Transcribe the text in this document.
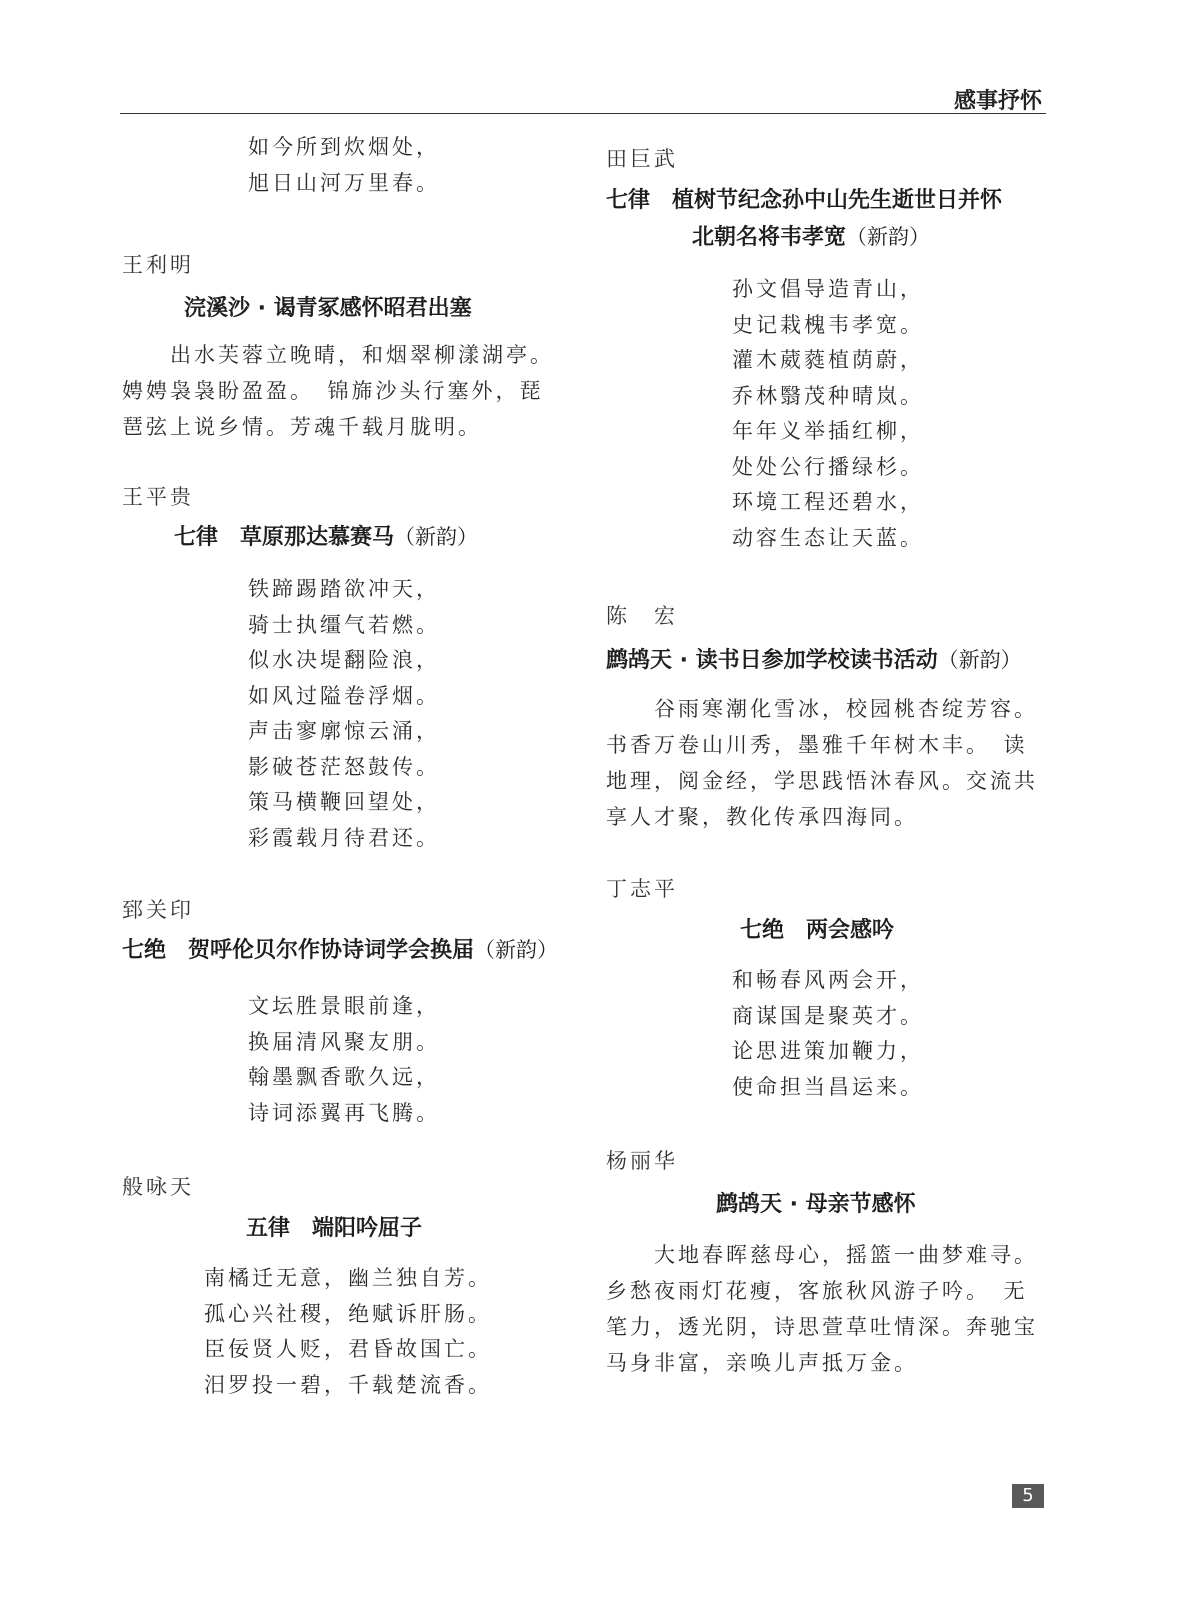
感事抒怀

如今所到炊烟处，

旭日山河万里春。

王利明

浣溪沙 · 谒青冢感怀昭君出塞

出水芙蓉立晚晴，和烟翠柳漾湖亭。

娉娉袅袅盼盈盈。　锦旆沙头行塞外，琵

琶弦上说乡情。芳魂千载月胧明。

王平贵

七律　草原那达慕赛马（新韵）

铁蹄踢踏欲冲天，

骑士执缰气若燃。

似水决堤翻险浪，

如风过隘卷浮烟。

声击寥廓惊云涌，

影破苍茫怒鼓传。

策马横鞭回望处，

彩霞载月待君还。

郅关印

七绝　贺呼伦贝尔作协诗词学会换届（新韵）

文坛胜景眼前逢，

换届清风聚友朋。

翰墨飘香歌久远，

诗词添翼再飞腾。

般咏天

五律　端阳吟屈子

南橘迁无意，幽兰独自芳。

孤心兴社稷，绝赋诉肝肠。

臣佞贤人贬，君昏故国亡。

汨罗投一碧，千载楚流香。

田巨武

七律　植树节纪念孙中山先生逝世日并怀

北朝名将韦孝宽（新韵）

孙文倡导造青山，

史记栽槐韦孝宽。

灌木葳蕤植荫蔚，

乔林翳茂种晴岚。

年年义举插红柳，

处处公行播绿杉。

环境工程还碧水，

动容生态让天蓝。

陈　宏

鹧鸪天 · 读书日参加学校读书活动（新韵）

谷雨寒潮化雪冰，校园桃杏绽芳容。

书香万卷山川秀，墨雅千年树木丰。　读

地理，阅金经，学思践悟沐春风。交流共

享人才聚，教化传承四海同。

丁志平

七绝　两会感吟

和畅春风两会开，

商谋国是聚英才。

论思进策加鞭力，

使命担当昌运来。

杨丽华

鹧鸪天 · 母亲节感怀

大地春晖慈母心，摇篮一曲梦难寻。

乡愁夜雨灯花瘦，客旅秋风游子吟。　无

笔力，透光阴，诗思萱草吐情深。奔驰宝

马身非富，亲唤儿声抵万金。

5
